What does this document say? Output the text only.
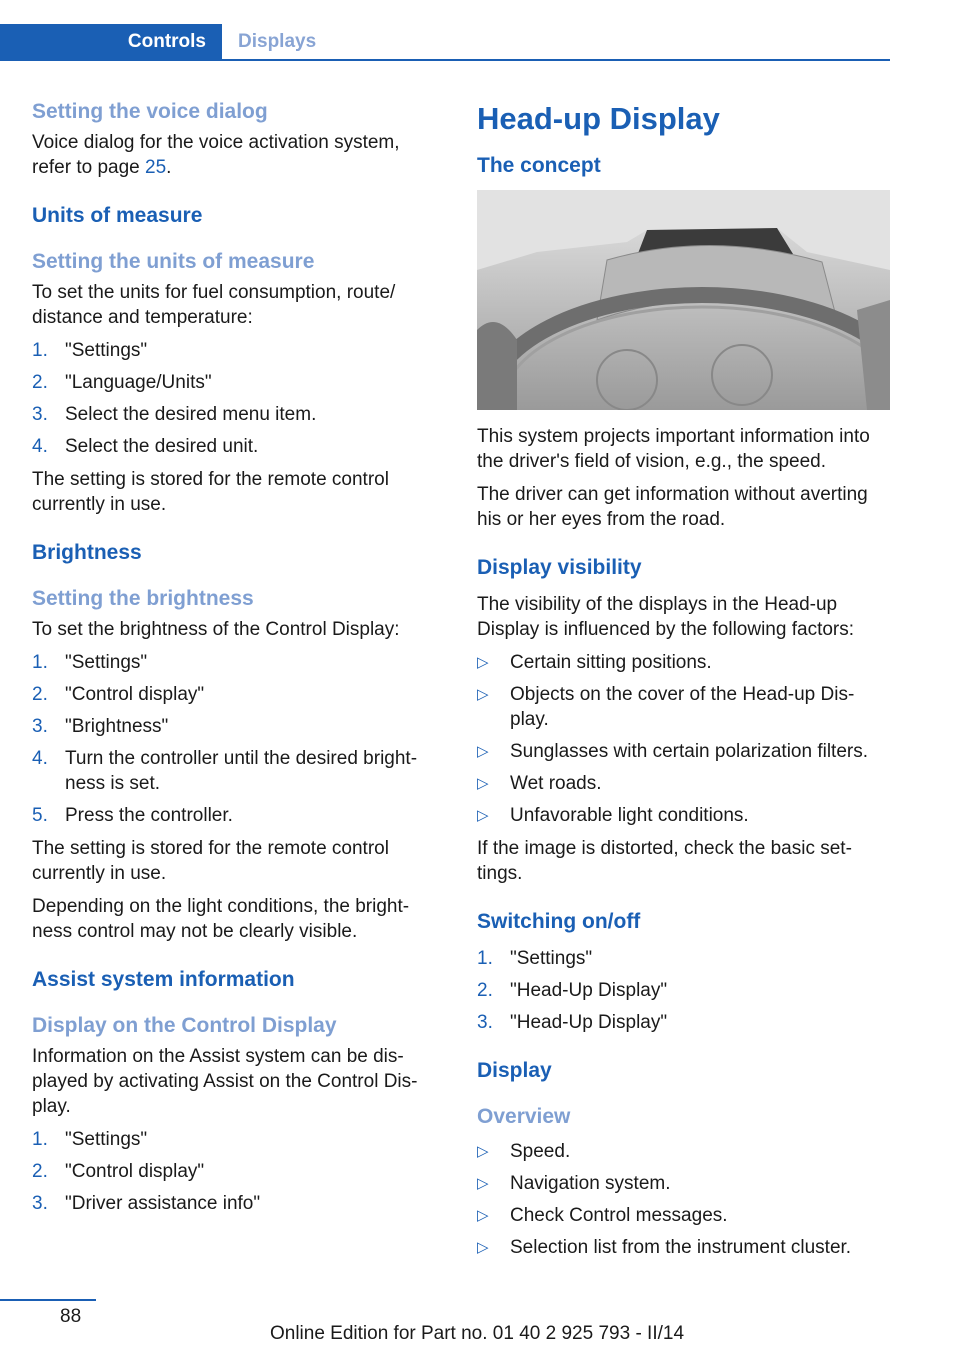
Controls Displays
Setting the voice dialog

Voice dialog for the voice activation system, refer to page 25.

Units of measure
Setting the units of measure

To set the units for fuel consumption, route/ distance and temperature:

1. "Settings"
2. "Language/Units"
3. Select the desired menu item.
4. Select the desired unit.

The setting is stored for the remote control currently in use.

Brightness
Setting the brightness

To set the brightness of the Control Display:

1. "Settings"
2. "Control display"
3. "Brightness"
4. Turn the controller until the desired bright‐ ness is set.
5. Press the controller.

The setting is stored for the remote control currently in use.

Depending on the light conditions, the bright‐ ness control may not be clearly visible.

Assist system information
Display on the Control Display

Information on the Assist system can be dis‐ played by activating Assist on the Control Dis‐ play.

1. "Settings"
2. "Control display"
3. "Driver assistance info"
Head-up Display
The concept

This system projects important information into the driver's field of vision, e.g., the speed.

The driver can get information without averting his or her eyes from the road.

Display visibility

The visibility of the displays in the Head-up Display is influenced by the following factors:

▷	Certain sitting positions.
▷	Objects on the cover of the Head-up Dis‐ play.
▷	Sunglasses with certain polarization filters.
▷	Wet roads.
▷	Unfavorable light conditions.

If the image is distorted, check the basic set‐ tings.

Switching on/off
1. "Settings"
2. "Head-Up Display"
3. "Head-Up Display"
Display
Overview
▷	Speed.
▷	Navigation system.
▷	Check Control messages.
▷	Selection list from the instrument cluster.
88
Online Edition for Part no. 01 40 2 925 793 - II/14
